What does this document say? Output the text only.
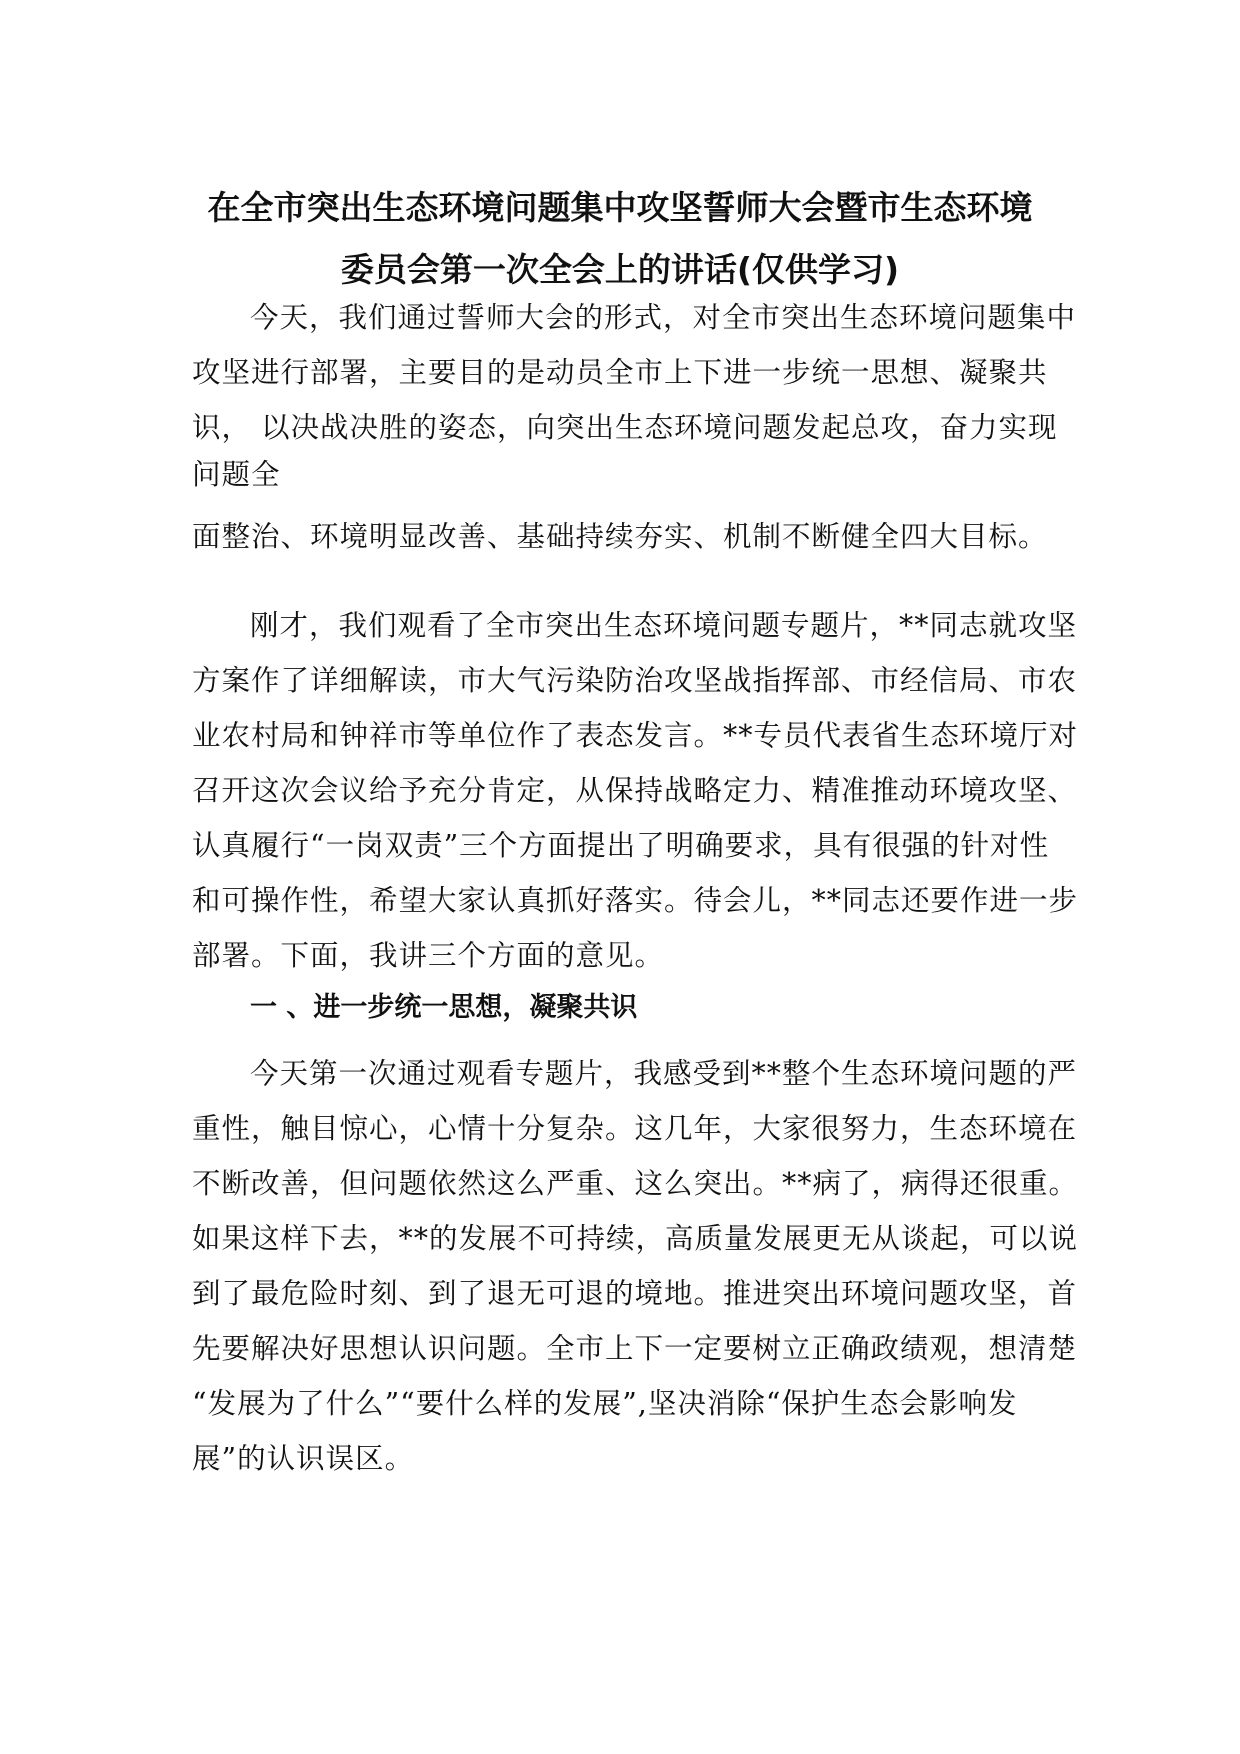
在全市突出生态环境问题集中攻坚誓师大会暨市生态环境
委员会第一次全会上的讲话(仅供学习)
今天，我们通过誓师大会的形式，对全市突出生态环境问题集中
攻坚进行部署，主要目的是动员全市上下进一步统一思想、凝聚共
识， 以决战决胜的姿态，向突出生态环境问题发起总攻，奋力实现
问题全
面整治、环境明显改善、基础持续夯实、机制不断健全四大目标。
刚才，我们观看了全市突出生态环境问题专题片，**同志就攻坚
方案作了详细解读，市大气污染防治攻坚战指挥部、市经信局、市农
业农村局和钟祥市等单位作了表态发言。**专员代表省生态环境厅对
召开这次会议给予充分肯定，从保持战略定力、精准推动环境攻坚、
认真履行“一岗双责”三个方面提出了明确要求，具有很强的针对性
和可操作性，希望大家认真抓好落实。待会儿，**同志还要作进一步
部署。下面，我讲三个方面的意见。
一 、进一步统一思想，凝聚共识
今天第一次通过观看专题片，我感受到**整个生态环境问题的严
重性，触目惊心，心情十分复杂。这几年，大家很努力，生态环境在
不断改善，但问题依然这么严重、这么突出。**病了，病得还很重。
如果这样下去，**的发展不可持续，高质量发展更无从谈起，可以说
到了最危险时刻、到了退无可退的境地。推进突出环境问题攻坚，首
先要解决好思想认识问题。全市上下一定要树立正确政绩观，想清楚
“发展为了什么”“要什么样的发展”,坚决消除“保护生态会影响发
展”的认识误区。
